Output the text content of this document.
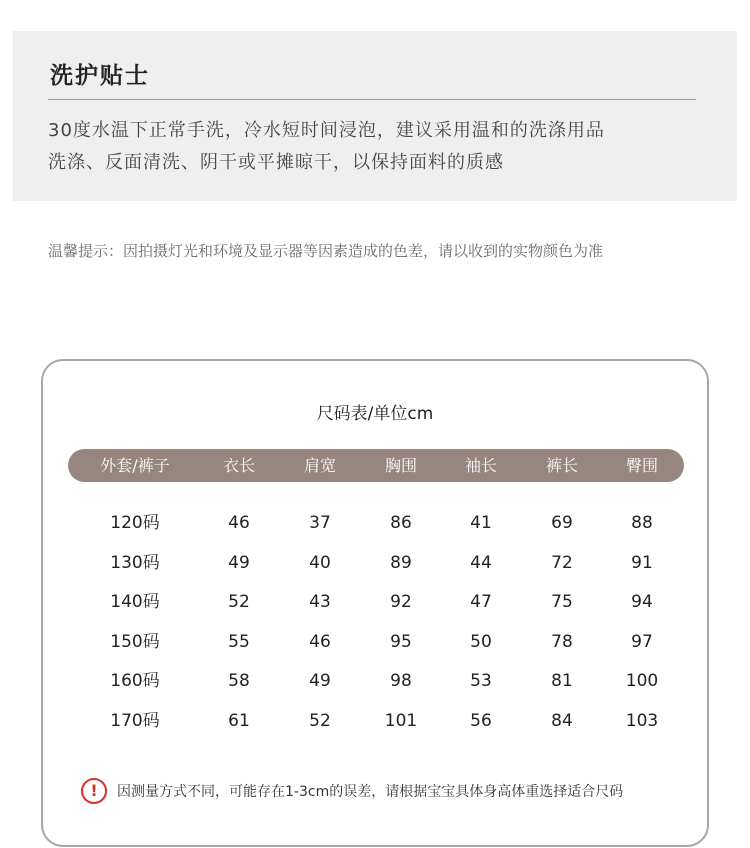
洗护贴士
30度水温下正常手洗，冷水短时间浸泡，建议采用温和的洗涤用品
洗涤、反面清洗、阴干或平摊晾干，以保持面料的质感
温馨提示：因拍摄灯光和环境及显示器等因素造成的色差，请以收到的实物颜色为准
尺码表/单位cm
外套/裤子	衣长	肩宽	胸围	袖长	裤长	臀围
120码	46	37	86	41	69	88
130码	49	40	89	44	72	91
140码	52	43	92	47	75	94
150码	55	46	95	50	78	97
160码	58	49	98	53	81	100
170码	61	52	101	56	84	103
!	因测量方式不同，可能存在1-3cm的误差，请根据宝宝具体身高体重选择适合尺码
